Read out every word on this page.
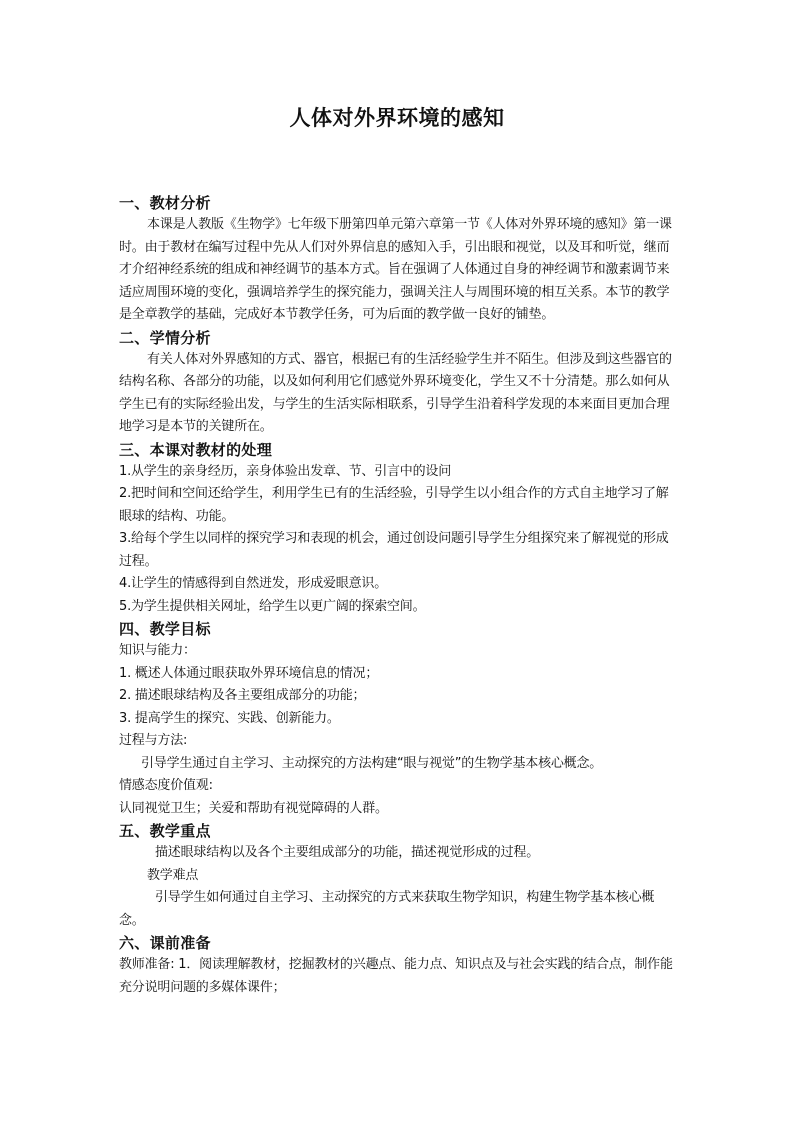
人体对外界环境的感知
一、教材分析
本课是人教版《生物学》七年级下册第四单元第六章第一节《人体对外界环境的感知》第一课时。由于教材在编写过程中先从人们对外界信息的感知入手，引出眼和视觉，以及耳和听觉，继而才介绍神经系统的组成和神经调节的基本方式。旨在强调了人体通过自身的神经调节和激素调节来适应周围环境的变化，强调培养学生的探究能力，强调关注人与周围环境的相互关系。本节的教学是全章教学的基础，完成好本节教学任务，可为后面的教学做一良好的铺垫。
二、学情分析
有关人体对外界感知的方式、器官，根据已有的生活经验学生并不陌生。但涉及到这些器官的结构名称、各部分的功能，以及如何利用它们感觉外界环境变化，学生又不十分清楚。那么如何从学生已有的实际经验出发，与学生的生活实际相联系，引导学生沿着科学发现的本来面目更加合理地学习是本节的关键所在。
三、本课对教材的处理
1.从学生的亲身经历，亲身体验出发章、节、引言中的设问
2.把时间和空间还给学生，利用学生已有的生活经验，引导学生以小组合作的方式自主地学习了解眼球的结构、功能。
3.给每个学生以同样的探究学习和表现的机会，通过创设问题引导学生分组探究来了解视觉的形成过程。
4.让学生的情感得到自然迸发，形成爱眼意识。
5.为学生提供相关网址，给学生以更广阔的探索空间。
四、教学目标
知识与能力：
1. 概述人体通过眼获取外界环境信息的情况；
2. 描述眼球结构及各主要组成部分的功能；
3. 提高学生的探究、实践、创新能力。
过程与方法:
引导学生通过自主学习、主动探究的方法构建“眼与视觉”的生物学基本核心概念。
情感态度价值观:
认同视觉卫生；关爱和帮助有视觉障碍的人群。
五、教学重点
描述眼球结构以及各个主要组成部分的功能，描述视觉形成的过程。
教学难点
引导学生如何通过自主学习、主动探究的方式来获取生物学知识，构建生物学基本核心概念。
六、课前准备
教师准备: 1．阅读理解教材，挖掘教材的兴趣点、能力点、知识点及与社会实践的结合点，制作能充分说明问题的多媒体课件；
